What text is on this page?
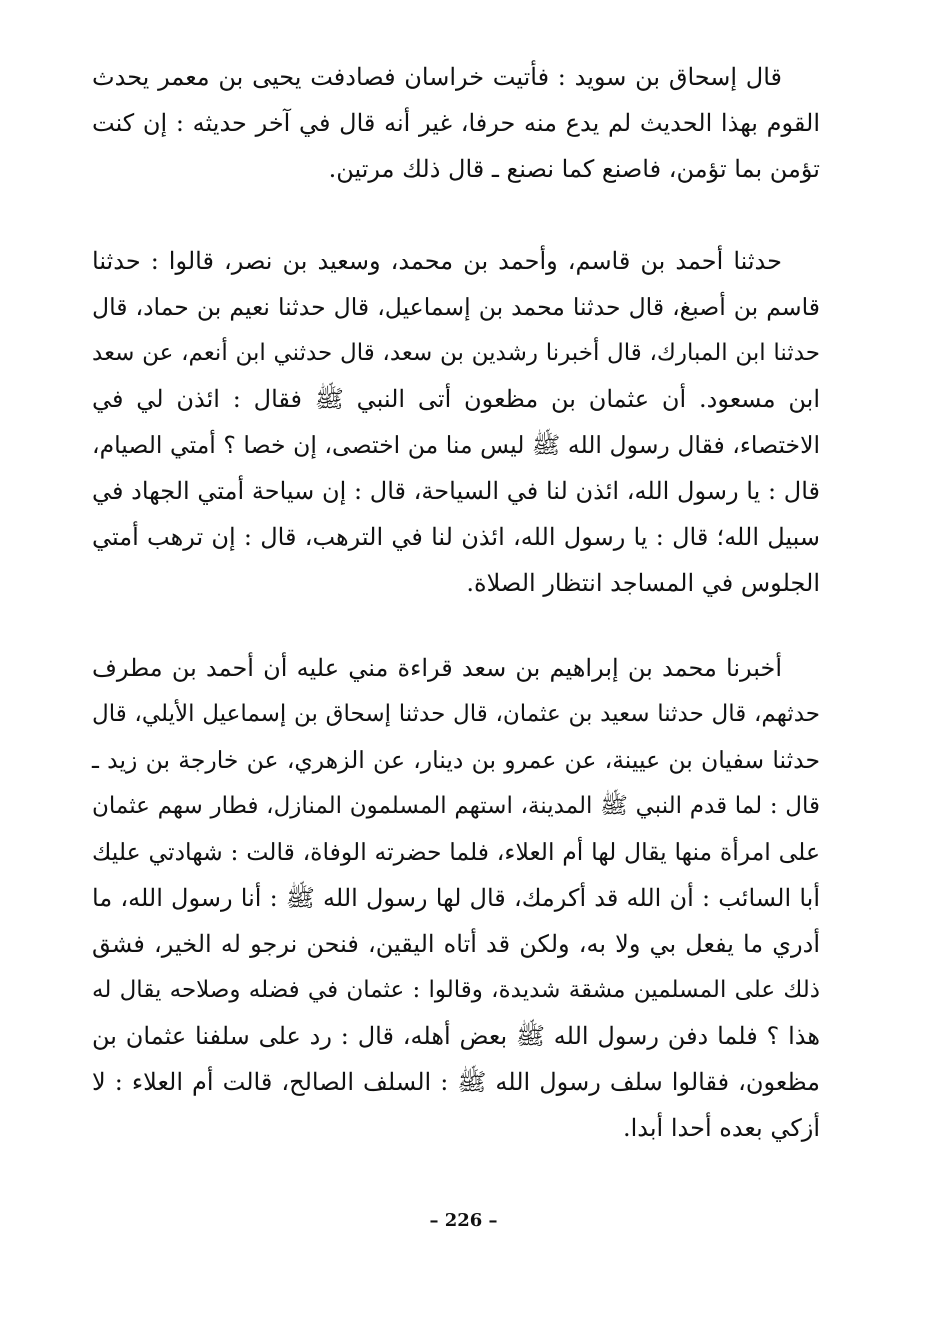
قال إسحاق بن سويد : فأتيت خراسان فصادفت يحيى بن معمر يحدث
القوم بهذا الحديث لم يدع منه حرفا، غير أنه قال في آخر حديثه : إن كنت
تؤمن بما تؤمن، فاصنع كما نصنع ـ قال ذلك مرتين.
حدثنا أحمد بن قاسم، وأحمد بن محمد، وسعيد بن نصر، قالوا : حدثنا
قاسم بن أصبغ، قال حدثنا محمد بن إسماعيل، قال حدثنا نعيم بن حماد، قال
حدثنا ابن المبارك، قال أخبرنا رشدين بن سعد، قال حدثني ابن أنعم، عن سعد
ابن مسعود. أن عثمان بن مظعون أتى النبي ﷺ فقال : ائذن لي في
الاختصاء، فقال رسول الله ﷺ ليس منا من اختصى، إن خصا ؟ أمتي الصيام،
قال : يا رسول الله، ائذن لنا في السياحة، قال : إن سياحة أمتي الجهاد في
سبيل الله؛ قال : يا رسول الله، ائذن لنا في الترهب، قال : إن ترهب أمتي
الجلوس في المساجد انتظار الصلاة.
أخبرنا محمد بن إبراهيم بن سعد قراءة مني عليه أن أحمد بن مطرف
حدثهم، قال حدثنا سعيد بن عثمان، قال حدثنا إسحاق بن إسماعيل الأيلي، قال
حدثنا سفيان بن عيينة، عن عمرو بن دينار، عن الزهري، عن خارجة بن زيد ـ
قال : لما قدم النبي ﷺ المدينة، استهم المسلمون المنازل، فطار سهم عثمان
على امرأة منها يقال لها أم العلاء، فلما حضرته الوفاة، قالت : شهادتي عليك
أبا السائب : أن الله قد أكرمك، قال لها رسول الله ﷺ : أنا رسول الله، ما
أدري ما يفعل بي ولا به، ولكن قد أتاه اليقين، فنحن نرجو له الخير، فشق
ذلك على المسلمين مشقة شديدة، وقالوا : عثمان في فضله وصلاحه يقال له
هذا ؟ فلما دفن رسول الله ﷺ بعض أهله، قال : رد على سلفنا عثمان بن
مظعون، فقالوا سلف رسول الله ﷺ : السلف الصالح، قالت أم العلاء : لا
أزكي بعده أحدا أبدا.
– 226 –
